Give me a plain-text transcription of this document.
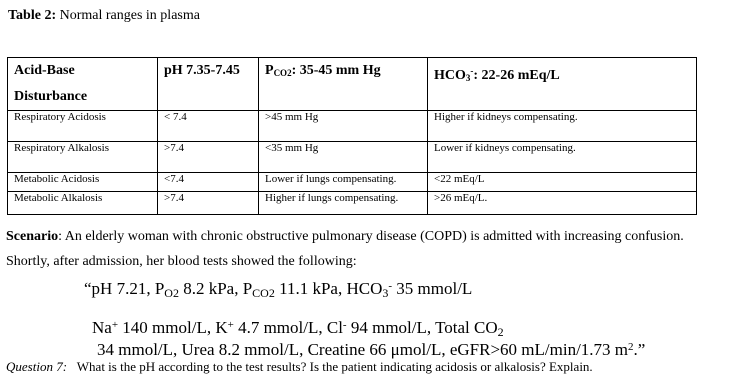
Table 2: Normal ranges in plasma
Acid-Base Disturbance	pH 7.35-7.45	$P_{CO2}$: 35-45 mm Hg	$HCO_3^-$: 22-26 mEq/L
Respiratory Acidosis	< 7.4	>45 mm Hg	Higher if kidneys compensating.
Respiratory Alkalosis	>7.4	<35 mm Hg	Lower if kidneys compensating.
Metabolic Acidosis	<7.4	Lower if lungs compensating.	<22 mEq/L
Metabolic Alkalosis	>7.4	Higher if lungs compensating.	>26 mEq/L.
Scenario: An elderly woman with chronic obstructive pulmonary disease (COPD) is admitted with increasing confusion.
Shortly, after admission, her blood tests showed the following:
“pH 7.21, PO2 8.2 kPa, PCO2 11.1 kPa, HCO3- 35 mmol/L
Na+ 140 mmol/L, K+ 4.7 mmol/L, Cl- 94 mmol/L, Total CO2
34 mmol/L, Urea 8.2 mmol/L, Creatine 66 μmol/L, eGFR>60 mL/min/1.73 $m^2$.”
Question 7: What is the pH according to the test results? Is the patient indicating acidosis or alkalosis? Explain.
